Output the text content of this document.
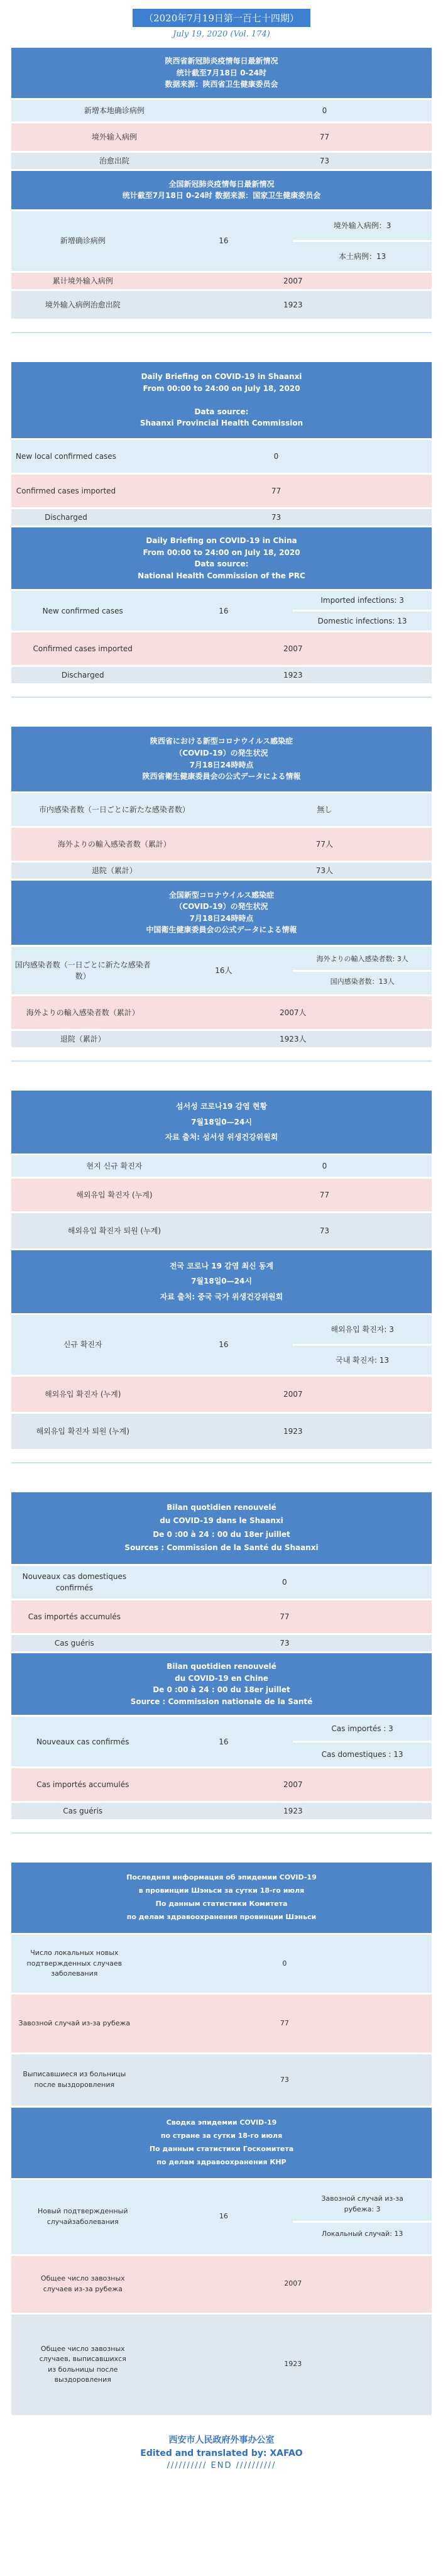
（2020年7月19日第一百七十四期）
July 19, 2020 (Vol. 174)
陕西省新冠肺炎疫情每日最新情况
统计截至7月18日 0-24时
数据来源：陕西省卫生健康委员会
新增本地确诊病例	0
境外输入病例	77
治愈出院	73
全国新冠肺炎疫情每日最新情况
统计截至7月18日 0-24时 数据来源：国家卫生健康委员会
新增确诊病例	16	境外输入病例：3
本土病例：13

累计境外输入病例	2007	
境外输入病例治愈出院	1923	
Daily Briefing on COVID-19 in Shaanxi
From 00:00 to 24:00 on July 18, 2020

Data source:
Shaanxi Provincial Health Commission
New local confirmed cases	0
Confirmed cases imported	77
Discharged	73
Daily Briefing on COVID-19 in China
From 00:00 to 24:00 on July 18, 2020
Data source:
National Health Commission of the PRC
New confirmed cases	16	Imported infections: 3
Domestic infections: 13

Confirmed cases imported	2007	
Discharged	1923	
陝西省における新型コロナウイルス感染症
（COVID-19）の発生状況
7月18日24時時点
陝西省衛生健康委員会の公式データによる情報
市内感染者数（一日ごとに新たな感染者数）	無し
海外よりの輸入感染者数（累計）	77人
退院（累計）	73人
全国新型コロナウイルス感染症
（COVID-19）の発生状況
7月18日24時時点
中国衛生健康委員会の公式データによる情報
国内感染者数（一日ごとに新たな感染者数）	16人	海外よりの輸入感染者数: 3人
国内感染者数：13人

海外よりの輸入感染者数（累計）	2007人	
退院（累計）	1923人	
섬서성 코로나19 감염 현황
7월18일0—24시
자료 출처: 섬서성 위생건강위원회
현지 신규 확진자	0
해외유입 확진자 (누계)	77
해외유입 확진자 퇴원 (누계)	73
전국 코로나 19 감염 최신 동계
7월18일0—24시
자료 출처: 중국 국가 위생건강위원회
신규 확진자	16	해외유입 확진자: 3
국내 확진자: 13

해외유입 확진자 (누계)	2007	
해외유입 확진자 퇴원 (누계)	1923	
Bilan quotidien renouvelé
du COVID-19 dans le Shaanxi
De 0 :00 à 24 : 00 du 18er juillet
Sources : Commission de la Santé du Shaanxi
Nouveaux cas domestiques confirmés	0
Cas importés accumulés	77
Cas guéris	73
Bilan quotidien renouvelé
du COVID-19 en Chine
De 0 :00 à 24 : 00 du 18er juillet
Source : Commission nationale de la Santé
Nouveaux cas confirmés	16	Cas importés : 3
Cas domestiques : 13

Cas importés accumulés	2007	
Cas guéris	1923	
Последняя информация об эпидемии COVID-19
в провинции Шэньси за сутки 18-го июля
По данным статистики Комитета
по делам здравоохранения провинции Шэньси
Число локальных новых подтвержденных случаев заболевания	0
Завозной случай из-за рубежа	77
Выписавшиеся из больницы после выздоровления	73
Сводка эпидемии COVID-19
по стране за сутки 18-го июля
По данным статистики Госкомитета
по делам здравоохранения КНР
Новый подтвержденный случайзаболевания	16	Завозной случай из-за рубежа: 3
Локальный случай: 13

Общее число завозных случаев из-за рубежа	2007	
Общее число завозных случаев, выписавшихся из больницы после выздоровления	1923	
西安市人民政府外事办公室
Edited and translated by: XAFAO
////////// END //////////
